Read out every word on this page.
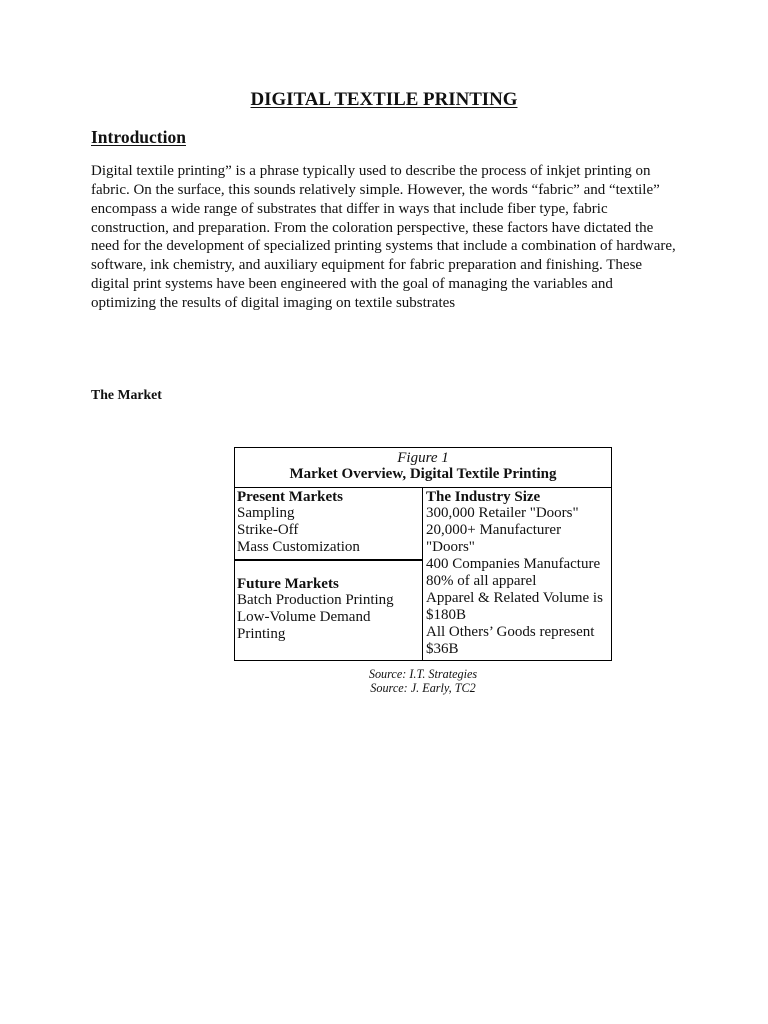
DIGITAL TEXTILE PRINTING
Introduction
Digital textile printing” is a phrase typically used to describe the process of inkjet printing on
fabric. On the surface, this sounds relatively simple. However, the words “fabric” and “textile”
encompass a wide range of substrates that differ in ways that include fiber type, fabric
construction, and preparation. From the coloration perspective, these factors have dictated the
need for the development of specialized printing systems that include a combination of hardware,
software, ink chemistry, and auxiliary equipment for fabric preparation and finishing. These
digital print systems have been engineered with the goal of managing the variables and
optimizing the results of digital imaging on textile substrates
The Market
Figure 1
Market Overview, Digital Textile Printing
Present Markets
Sampling
Strike-Off
Mass Customization
Future Markets
Batch Production Printing
Low-Volume Demand
Printing
The Industry Size
300,000 Retailer "Doors"
20,000+ Manufacturer
"Doors"
400 Companies Manufacture
80% of all apparel
Apparel & Related Volume is
$180B
All Others’ Goods represent
$36B
Source: I.T. Strategies
Source: J. Early, TC2
